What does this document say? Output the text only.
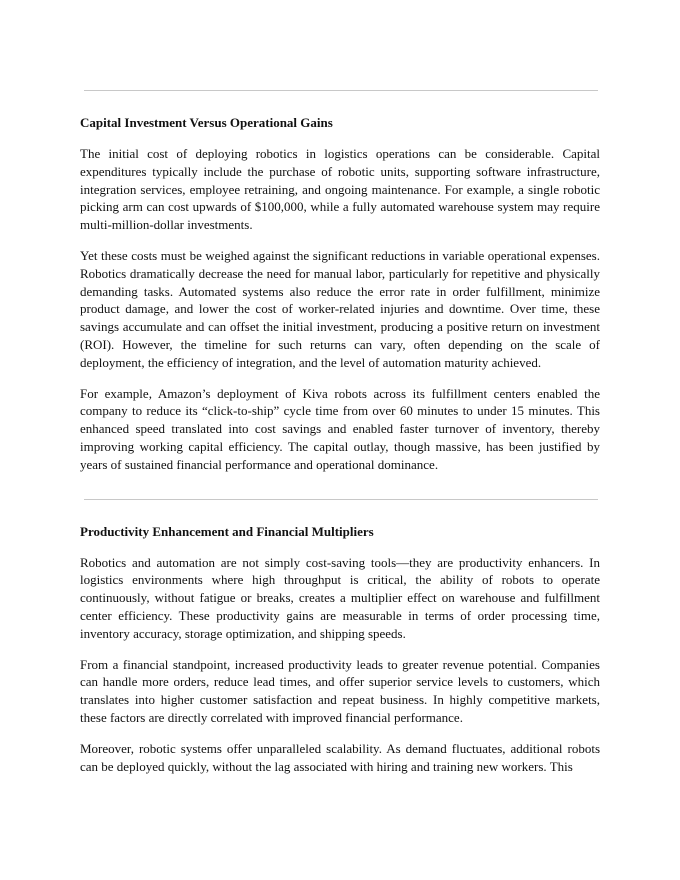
Capital Investment Versus Operational Gains

The initial cost of deploying robotics in logistics operations can be considerable. Capital expenditures typically include the purchase of robotic units, supporting software infrastructure, integration services, employee retraining, and ongoing maintenance. For example, a single robotic picking arm can cost upwards of $100,000, while a fully automated warehouse system may require multi-million-dollar investments.

Yet these costs must be weighed against the significant reductions in variable operational expenses. Robotics dramatically decrease the need for manual labor, particularly for repetitive and physically demanding tasks. Automated systems also reduce the error rate in order fulfillment, minimize product damage, and lower the cost of worker-related injuries and downtime. Over time, these savings accumulate and can offset the initial investment, producing a positive return on investment (ROI). However, the timeline for such returns can vary, often depending on the scale of deployment, the efficiency of integration, and the level of automation maturity achieved.

For example, Amazon’s deployment of Kiva robots across its fulfillment centers enabled the company to reduce its “click-to-ship” cycle time from over 60 minutes to under 15 minutes. This enhanced speed translated into cost savings and enabled faster turnover of inventory, thereby improving working capital efficiency. The capital outlay, though massive, has been justified by years of sustained financial performance and operational dominance.

Productivity Enhancement and Financial Multipliers

Robotics and automation are not simply cost-saving tools—they are productivity enhancers. In logistics environments where high throughput is critical, the ability of robots to operate continuously, without fatigue or breaks, creates a multiplier effect on warehouse and fulfillment center efficiency. These productivity gains are measurable in terms of order processing time, inventory accuracy, storage optimization, and shipping speeds.

From a financial standpoint, increased productivity leads to greater revenue potential. Companies can handle more orders, reduce lead times, and offer superior service levels to customers, which translates into higher customer satisfaction and repeat business. In highly competitive markets, these factors are directly correlated with improved financial performance.

Moreover, robotic systems offer unparalleled scalability. As demand fluctuates, additional robots can be deployed quickly, without the lag associated with hiring and training new workers. This
